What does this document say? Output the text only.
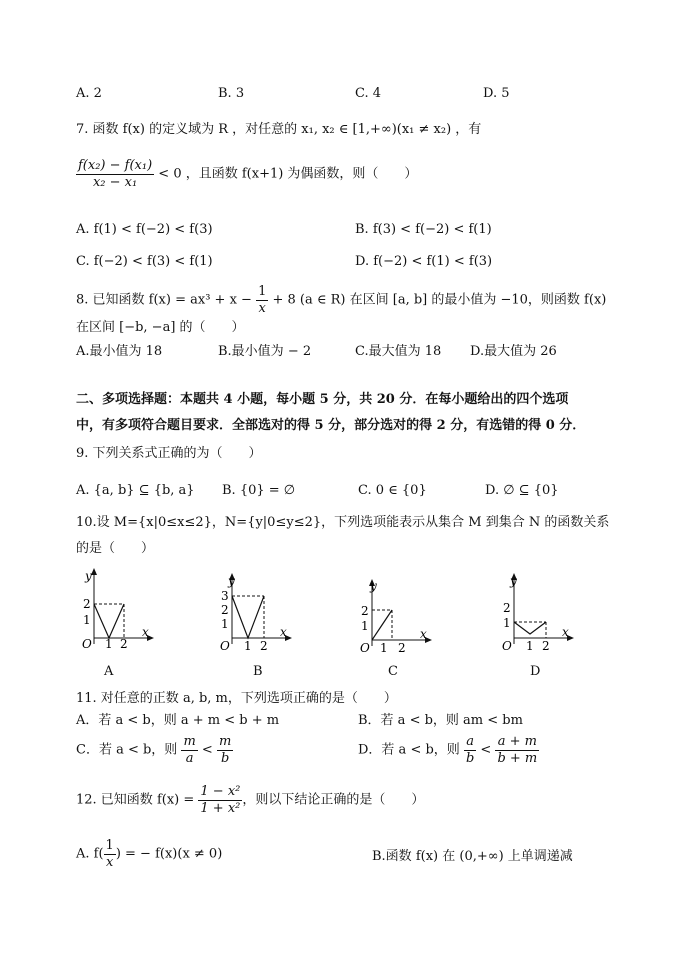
A. 2	B. 3	C. 4	D. 5
7. 函数 f(x) 的定义域为 R ，对任意的 x₁, x₂ ∈ [1,+∞)(x₁ ≠ x₂) ，有
$\frac{\text{f(x₂) − f(x₁)}}{\text{x₂ − x₁}} < 0$ ，且函数 f(x+1) 为偶函数，则（　　）
A. f(1) < f(−2) < f(3)	B. f(3) < f(−2) < f(1)
C. f(−2) < f(3) < f(1)	D. f(−2) < f(1) < f(3)
8. 已知函数 $f(x) = ax^3 + x - \frac{1}{x} + 8$ (a ∈ R) 在区间 [a, b] 的最小值为 −10，则函数 f(x)
在区间 [−b, −a] 的（　　）
A.最小值为 18	B.最小值为 − 2	C.最大值为 18 D.最大值为 26
二、多项选择题：本题共 4 小题，每小题 5 分，共 20 分．在每小题给出的四个选项
中，有多项符合题目要求．全部选对的得 5 分，部分选对的得 2 分，有选错的得 0 分．
9. 下列关系式正确的为（　　）
A. {a, b} ⊆ {b, a} B. {0} = ∅	C. 0 ∈ {0}	D. ∅ ⊆ {0}
10.设 M={x|0≤x≤2}，N={y|0≤y≤2}，下列选项能表示从集合 M 到集合 N 的函数关系
的是（　　）
y
2
1
O 1 2
x
A
y
3
2
1
O 1 2
x
B
y
2
1
O 1 2
x
C
y
2
1
O 1 2
x
D
11. 对任意的正数 a, b, m，下列选项正确的是（　　）
A．若 a < b，则 a + m < b + m	B．若 a < b，则 am < bm
C．若 a < b，则 $\frac{m}{a} < \frac{m}{b}$	D．若 a < b，则 $\frac{a}{b} < \frac{a + m}{b + m}$
12. 已知函数 $f(x) = \frac{\text{1 − x²}}{\text{1 + x²}}$ ，则以下结论正确的是（　　）
A. $f( \frac{1}{x}$ ) = − f(x)(x ≠ 0)	B.函数 f(x) 在 (0,+∞) 上单调递减
